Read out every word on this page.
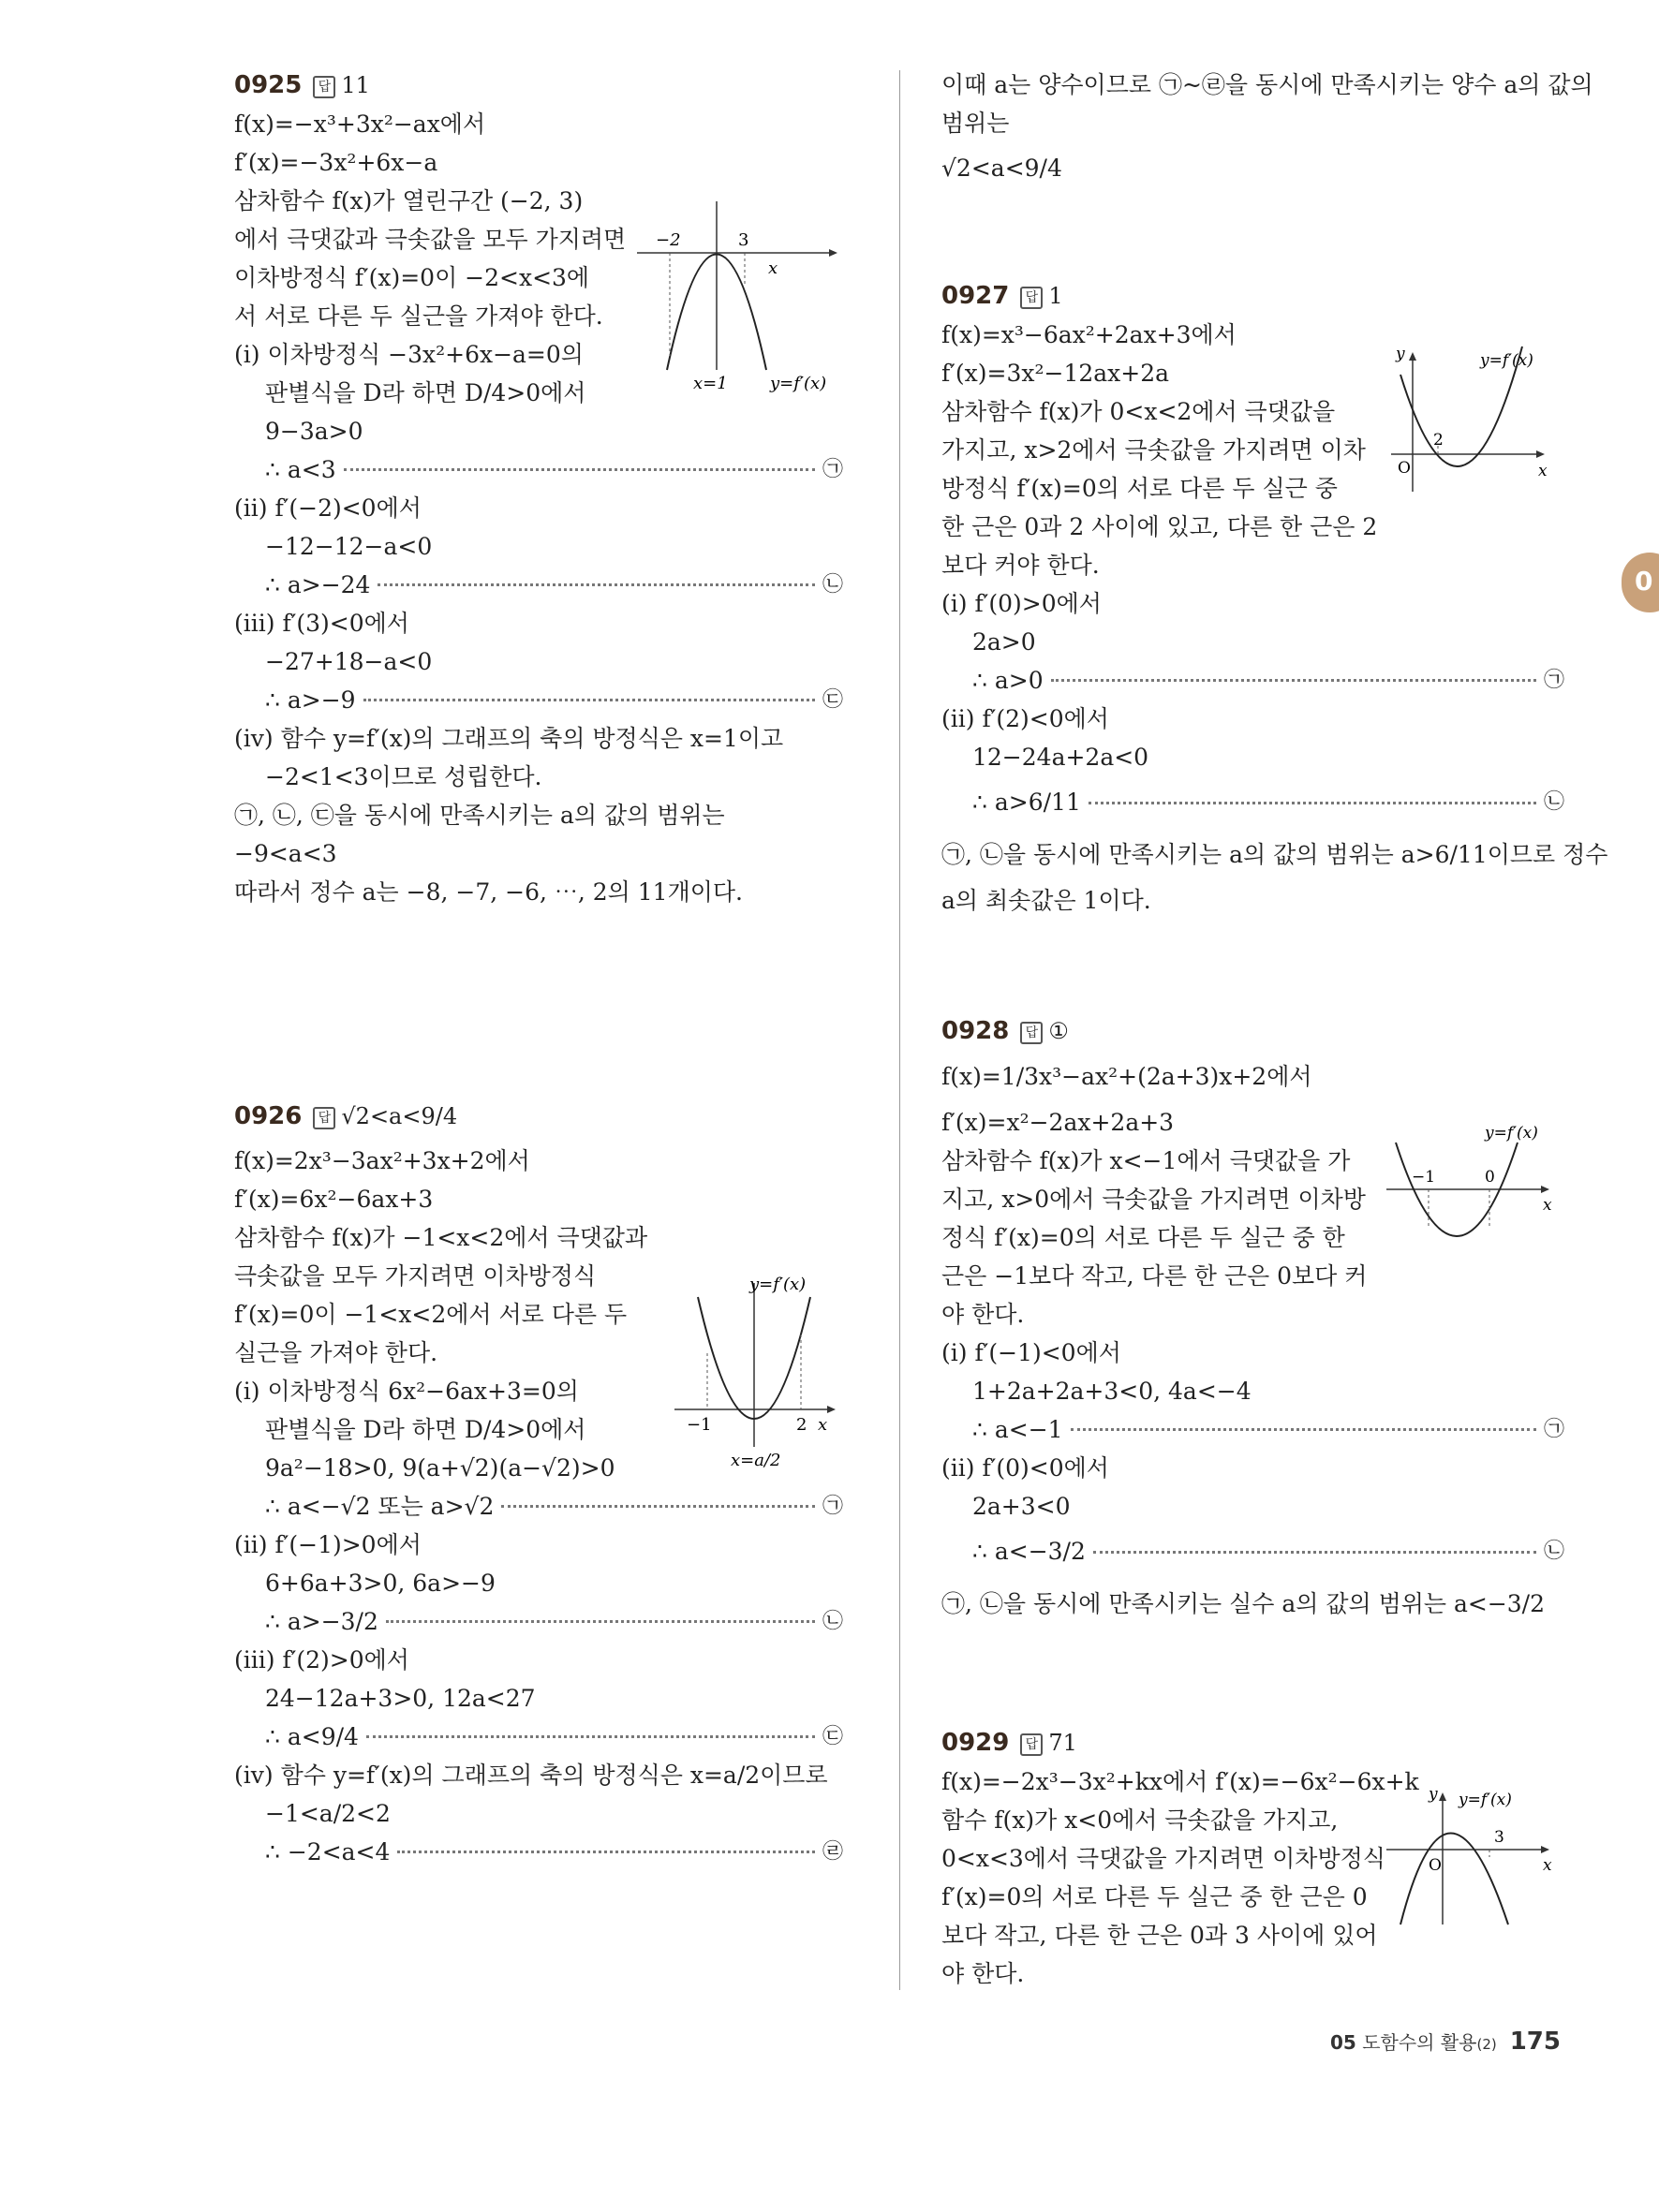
0925 답 11
f(x)=−x³+3x²−ax에서
f′(x)=−3x²+6x−a
삼차함수 f(x)가 열린구간 (−2, 3)
에서 극댓값과 극솟값을 모두 가지려면
이차방정식 f′(x)=0이 −2<x<3에
서 서로 다른 두 실근을 가져야 한다.
(i) 이차방정식 −3x²+6x−a=0의
판별식을 D라 하면 D/4>0에서
9−3a>0
∴ a<3	㉠
(ii) f′(−2)<0에서
−12−12−a<0
∴ a>−24	㉡
(iii) f′(3)<0에서
−27+18−a<0
∴ a>−9	㉢
(iv) 함수 y=f′(x)의 그래프의 축의 방정식은 x=1이고
−2<1<3이므로 성립한다.
㉠, ㉡, ㉢을 동시에 만족시키는 a의 값의 범위는
−9<a<3
따라서 정수 a는 −8, −7, −6, ⋯, 2의 11개이다.
−2	3
x
x=1	y=f′(x)
0926 답 √2<a<9/4
f(x)=2x³−3ax²+3x+2에서
f′(x)=6x²−6ax+3
삼차함수 f(x)가 −1<x<2에서 극댓값과
극솟값을 모두 가지려면 이차방정식
f′(x)=0이 −1<x<2에서 서로 다른 두
실근을 가져야 한다.
(i) 이차방정식 6x²−6ax+3=0의
판별식을 D라 하면 D/4>0에서
9a²−18>0, 9(a+√2)(a−√2)>0
∴ a<−√2 또는 a>√2	㉠
(ii) f′(−1)>0에서
6+6a+3>0, 6a>−9
∴ a>−3/2	㉡
(iii) f′(2)>0에서
24−12a+3>0, 12a<27
∴ a<9/4	㉢
(iv) 함수 y=f′(x)의 그래프의 축의 방정식은 x=a/2이므로
−1<a/2<2
∴ −2<a<4	㉣
−1	2 x
x=a/2
y=f′(x)
이때 a는 양수이므로 ㉠~㉣을 동시에 만족시키는 양수 a의 값의
범위는
√2<a<9/4
0927 답 1
f(x)=x³−6ax²+2ax+3에서
f′(x)=3x²−12ax+2a
삼차함수 f(x)가 0<x<2에서 극댓값을
가지고, x>2에서 극솟값을 가지려면 이차
방정식 f′(x)=0의 서로 다른 두 실근 중
한 근은 0과 2 사이에 있고, 다른 한 근은 2
보다 커야 한다.
(i) f′(0)>0에서
2a>0
∴ a>0	㉠
(ii) f′(2)<0에서
12−24a+2a<0
∴ a>6/11	㉡
㉠, ㉡을 동시에 만족시키는 a의 값의 범위는 a>6/11이므로 정수
a의 최솟값은 1이다.
y
x
O
2
y=f′(x)
0928 답 ①
f(x)=1/3x³−ax²+(2a+3)x+2에서
f′(x)=x²−2ax+2a+3
삼차함수 f(x)가 x<−1에서 극댓값을 가
지고, x>0에서 극솟값을 가지려면 이차방
정식 f′(x)=0의 서로 다른 두 실근 중 한
근은 −1보다 작고, 다른 한 근은 0보다 커
야 한다.
(i) f′(−1)<0에서
1+2a+2a+3<0, 4a<−4
∴ a<−1	㉠
(ii) f′(0)<0에서
2a+3<0
∴ a<−3/2	㉡
㉠, ㉡을 동시에 만족시키는 실수 a의 값의 범위는 a<−3/2
−1	0
x
y=f′(x)
0929 답 71
f(x)=−2x³−3x²+kx에서 f′(x)=−6x²−6x+k
함수 f(x)가 x<0에서 극솟값을 가지고,
0<x<3에서 극댓값을 가지려면 이차방정식
f′(x)=0의 서로 다른 두 실근 중 한 근은 0
보다 작고, 다른 한 근은 0과 3 사이에 있어
야 한다.
y
x
O
3
y=f′(x)
0
05 도함수의 활용(2) 175
